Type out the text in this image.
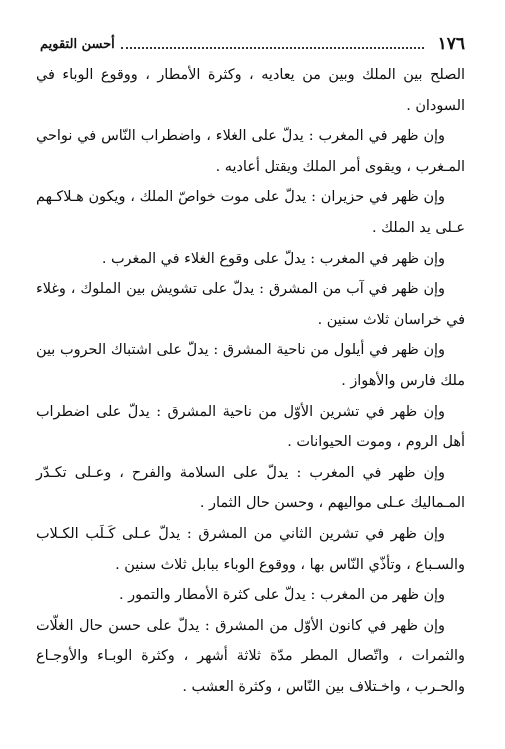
١٧٦
أحسن التقويم

الصلح بين الملك وبين من يعاديه ، وكثرة الأمطار ، ووقوع الوباء في السودان .

وإن ظهر في المغرب : يدلّ على الغلاء ، واضطراب النّاس في نواحي المـغرب ، ويقوى أمر الملك ويقتل أعاديه .

وإن ظهر في حزيران : يدلّ على موت خواصّ الملك ، ويكون هـلاكـهم عـلى يد الملك .

وإن ظهر في المغرب : يدلّ على وقوع الغلاء في المغرب .

وإن ظهر في آب من المشرق : يدلّ على تشويش بين الملوك ، وغلاء في خراسان ثلاث سنين .

وإن ظهر في أيلول من ناحية المشرق : يدلّ على اشتباك الحروب بين ملك فارس والأهواز .

وإن ظهر في تشرين الأوّل من ناحية المشرق : يدلّ على اضطراب أهل الروم ، وموت الحيوانات .

وإن ظهر في المغرب : يدلّ على السلامة والفرح ، وعـلى تكـدّر المـماليك عـلى مواليهم ، وحسن حال الثمار .

وإن ظهر في تشرين الثاني من المشرق : يدلّ عـلى كَـلَب الكـلاب والسـباع ، وتأذّي النّاس بها ، ووقوع الوباء ببابل ثلاث سنين .

وإن ظهر من المغرب : يدلّ على كثرة الأمطار والتمور .

وإن ظهر في كانون الأوّل من المشرق : يدلّ على حسن حال الغلّات والثمرات ، واتّصال المطر مدّة ثلاثة أشهر ، وكثرة الوبـاء والأوجـاع والحـرب ، واخـتلاف بين النّاس ، وكثرة العشب .
